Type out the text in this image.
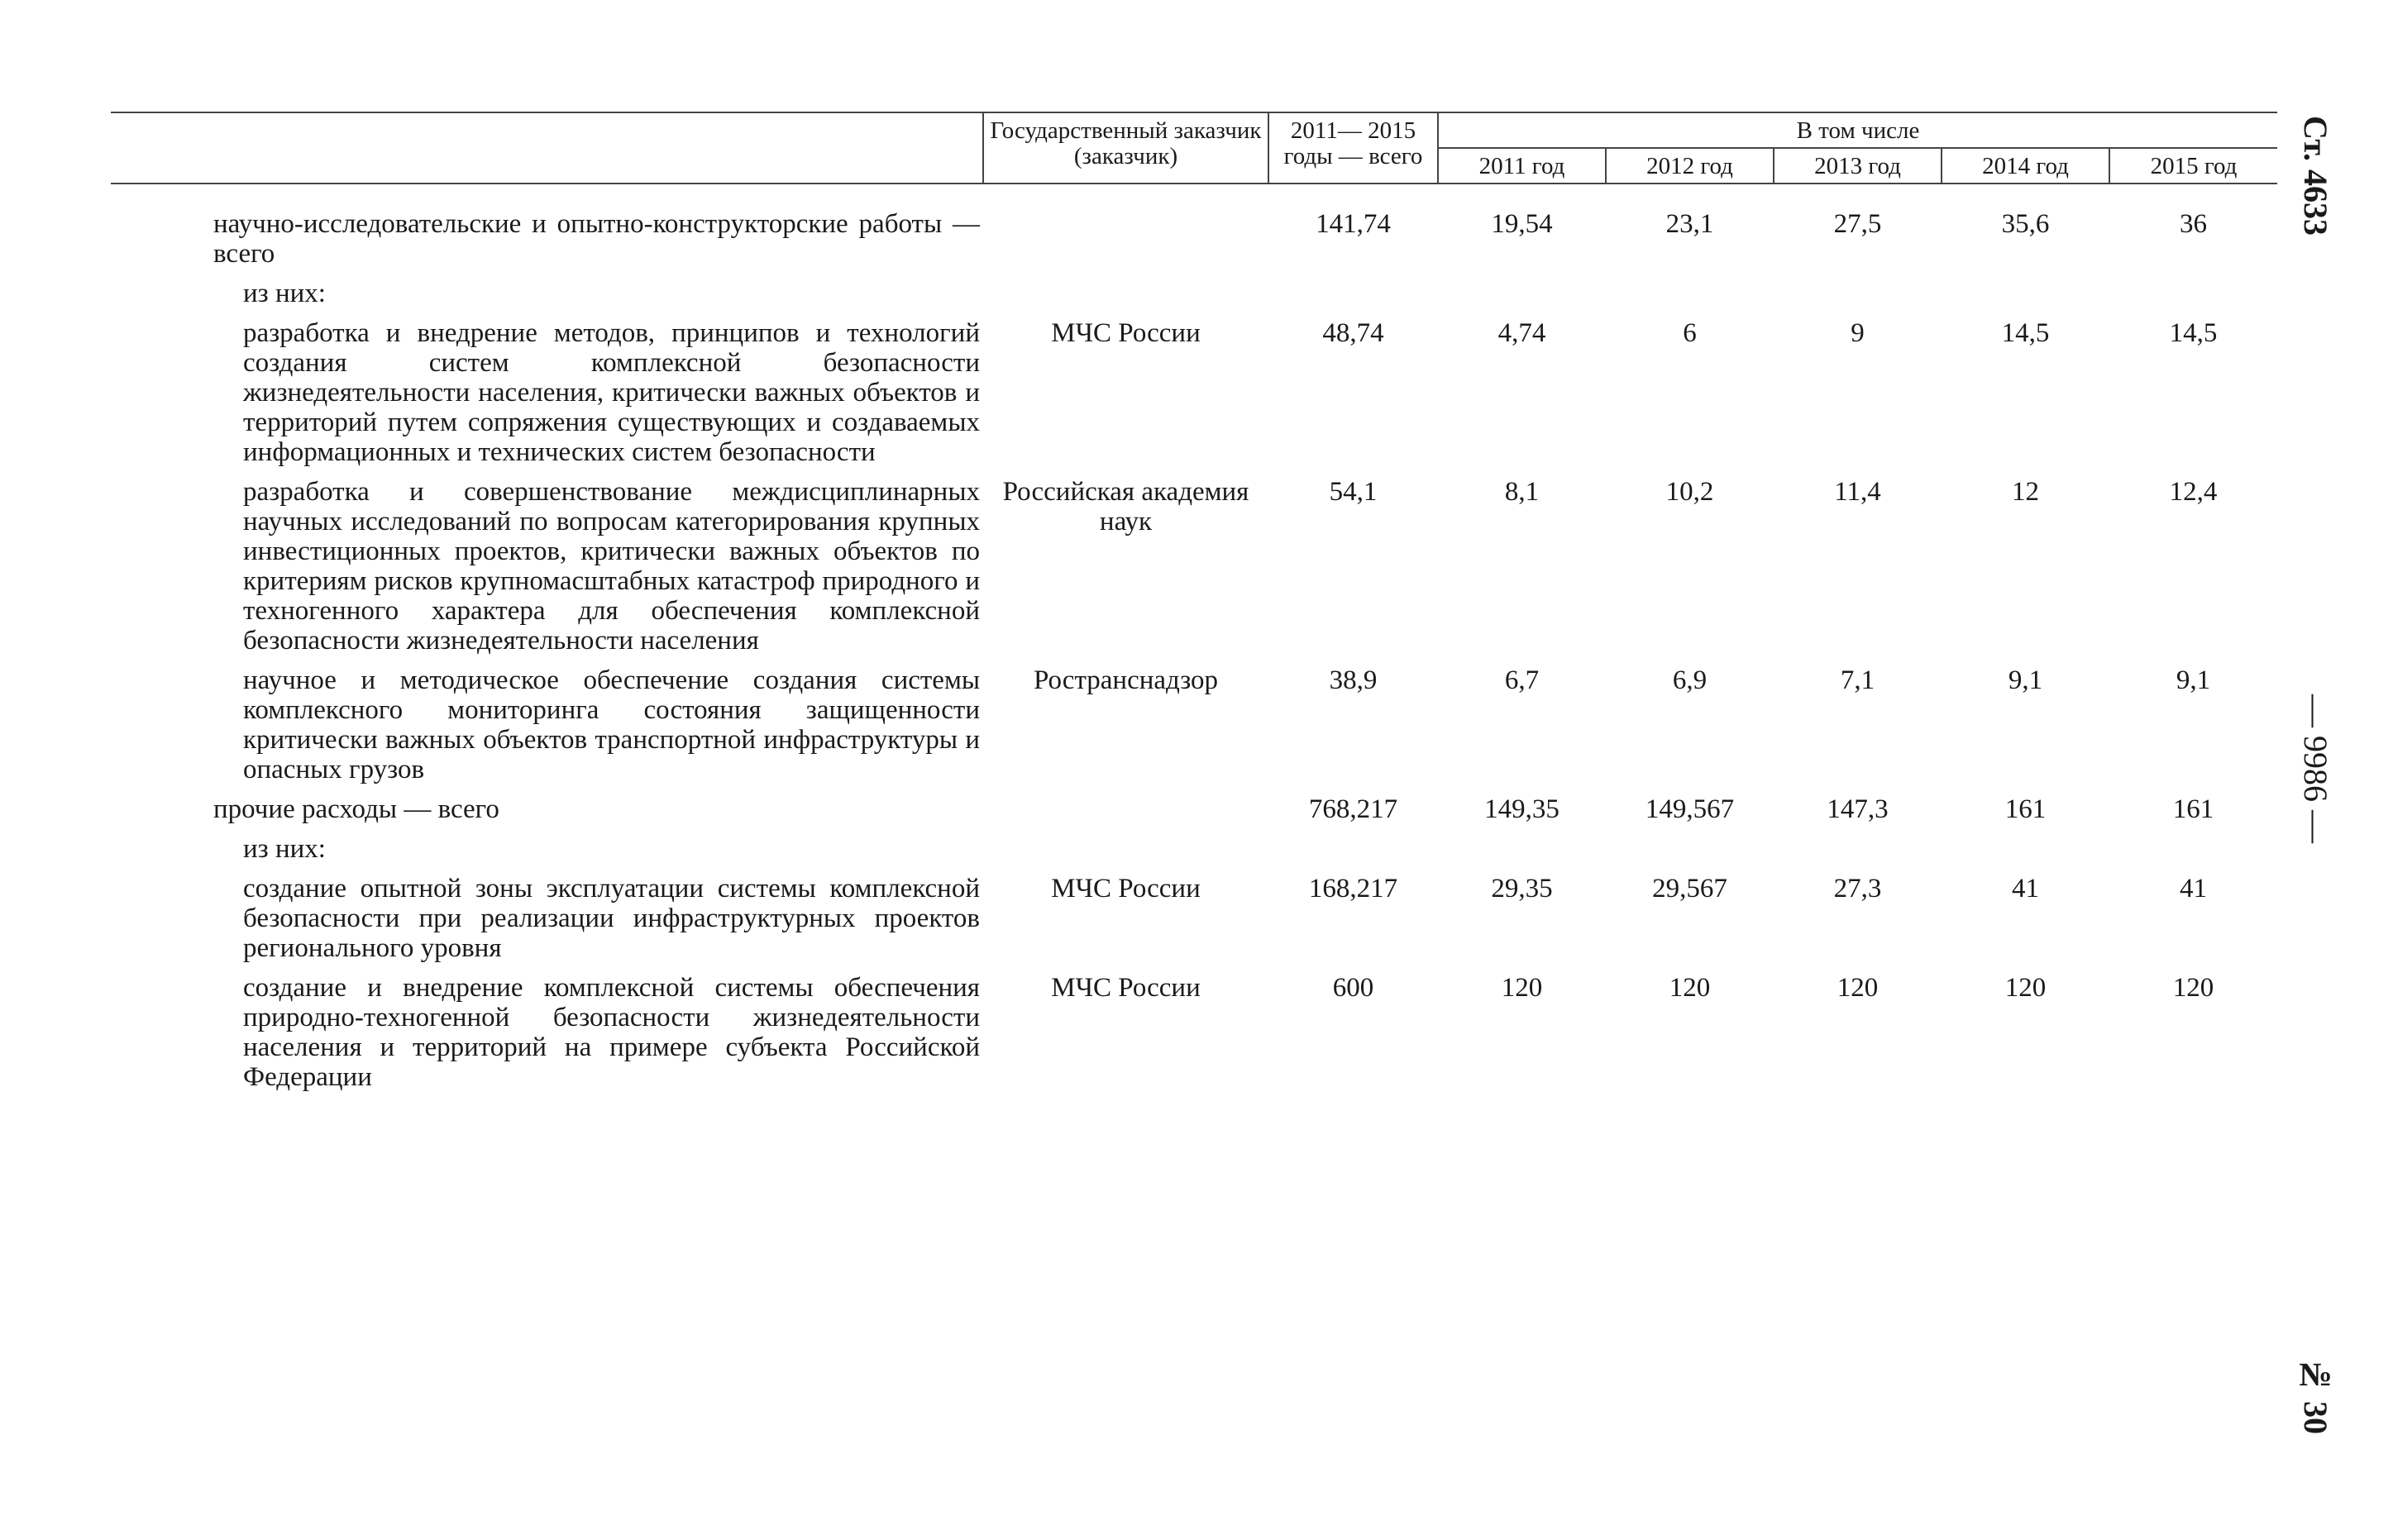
	Государственный заказчик (заказчик)	2011— 2015 годы — всего	В том числе				
			2011 год	2012 год	2013 год	2014 год	2015 год
научно-исследовательские и опытно-конструкторские работы — всего		141,74	19,54	23,1	27,5	35,6	36
из них:							
разработка и внедрение методов, принципов и технологий создания систем комплексной безопасности жизнедеятельности населения, критически важных объектов и территорий путем сопряжения существующих и создаваемых информационных и технических систем безопасности	МЧС России	48,74	4,74	6	9	14,5	14,5
разработка и совершенствование междисциплинарных научных исследований по вопросам категорирования крупных инвестиционных проектов, критически важных объектов по критериям рисков крупномасштабных катастроф природного и техногенного характера для обеспечения комплексной безопасности жизнедеятельности населения	Российская академия наук	54,1	8,1	10,2	11,4	12	12,4
научное и методическое обеспечение создания системы комплексного мониторинга состояния защищенности критически важных объектов транспортной инфраструктуры и опасных грузов	Ространснадзор	38,9	6,7	6,9	7,1	9,1	9,1
прочие расходы — всего		768,217	149,35	149,567	147,3	161	161
из них:							
создание опытной зоны эксплуатации системы комплексной безопасности при реализации инфраструктурных проектов регионального уровня	МЧС России	168,217	29,35	29,567	27,3	41	41
создание и внедрение комплексной системы обеспечения природно-техногенной безопасности жизнедеятельности населения и территорий на примере субъекта Российской Федерации	МЧС России	600	120	120	120	120	120
Ст. 4633
— 9986 —
№ 30
